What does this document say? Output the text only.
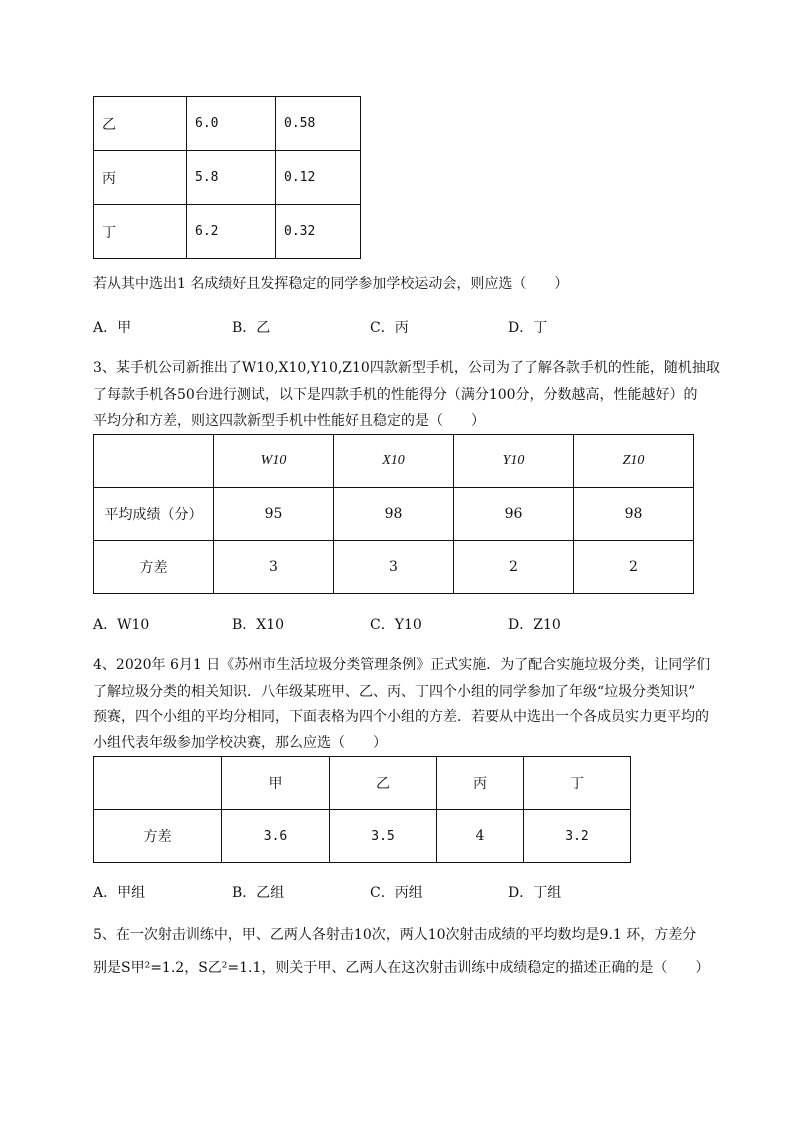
乙	6.0	0.58
丙	5.8	0.12
丁	6.2	0.32
若从其中选出1 名成绩好且发挥稳定的同学参加学校运动会，则应选（　　）
A．甲	B．乙	C．丙	D．丁
3、某手机公司新推出了W10,X10,Y10,Z10四款新型手机，公司为了了解各款手机的性能，随机抽取
了每款手机各50台进行测试，以下是四款手机的性能得分（满分100分，分数越高，性能越好）的
平均分和方差，则这四款新型手机中性能好且稳定的是（　　）
	W10	X10	Y10	Z10
平均成绩（分）	95	98	96	98
方差	3	3	2	2
A．W10	B．X10	C．Y10	D．Z10
4、2020年 6月1 日《苏州市生活垃圾分类管理条例》正式实施．为了配合实施垃圾分类，让同学们
了解垃圾分类的相关知识．八年级某班甲、乙、丙、丁四个小组的同学参加了年级“垃圾分类知识”
预赛，四个小组的平均分相同，下面表格为四个小组的方差．若要从中选出一个各成员实力更平均的
小组代表年级参加学校决赛，那么应选（　　）
	甲	乙	丙	丁
方差	3.6	3.5	4	3.2
A．甲组	B．乙组	C．丙组	D．丁组
5、在一次射击训练中，甲、乙两人各射击10次，两人10次射击成绩的平均数均是9.1 环，方差分
别是S甲²=1.2，S乙²=1.1，则关于甲、乙两人在这次射击训练中成绩稳定的描述正确的是（　　）
